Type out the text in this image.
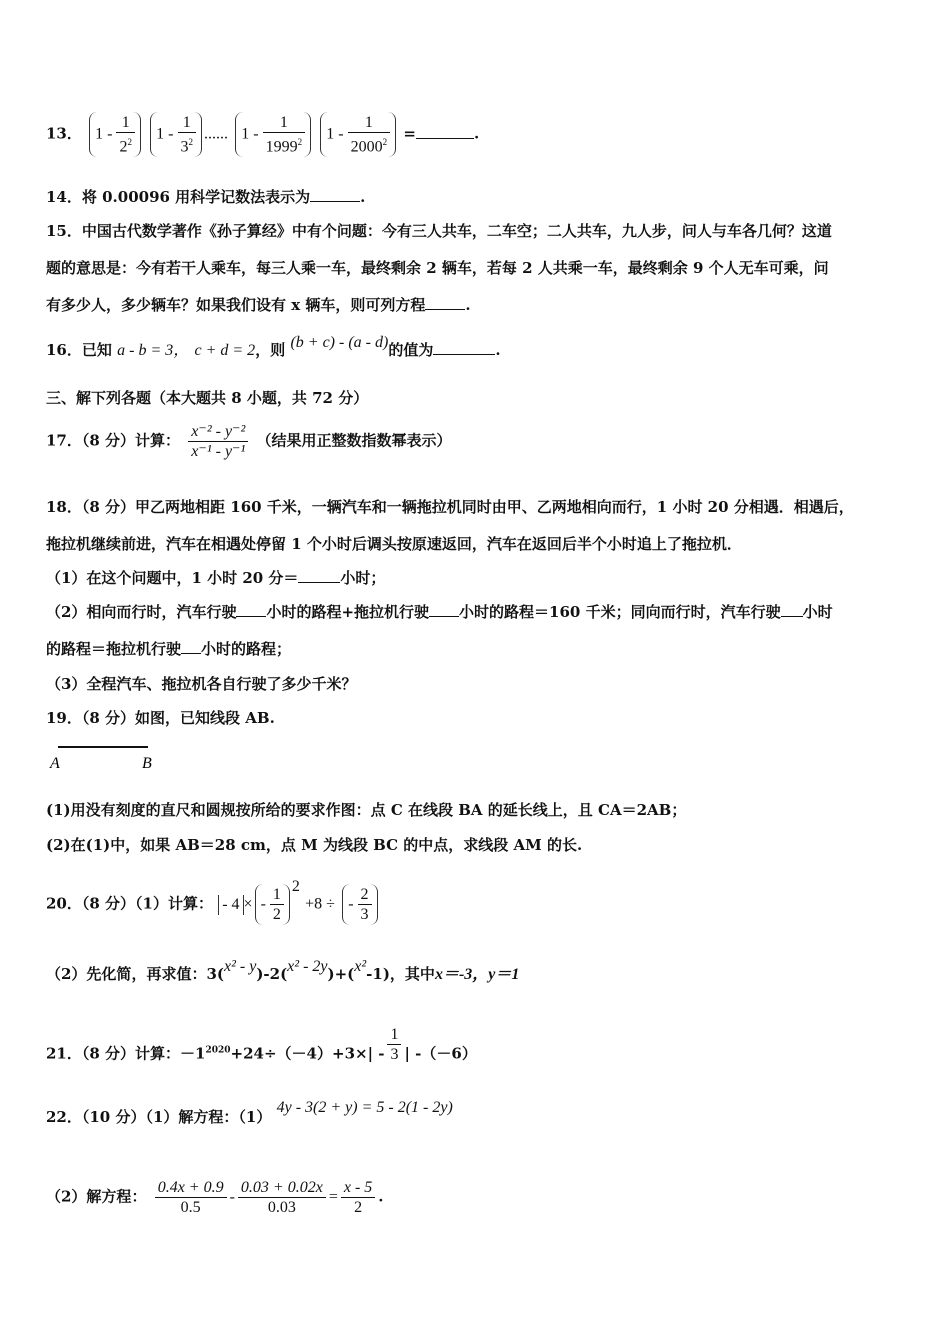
13． $1 - \frac{1}{2^2} 1 - \frac{1}{3^2}$ ...... $1 - \frac{1}{1999^2} 1 - \frac{1}{2000^2}$ =	.
14．将 0.00096 用科学记数法表示为	.
15．中国古代数学著作《孙子算经》中有个问题：今有三人共车，二车空；二人共车，九人步，问人与车各几何？这道
题的意思是：今有若干人乘车，每三人乘一车，最终剩余 2 辆车，若每 2 人共乘一车，最终剩余 9 个人无车可乘，问
有多少人，多少辆车？如果我们设有 x 辆车，则可列方程	.
16．已知 a - b = 3， c + d = 2，则 (b + c) - (a - d)的值为	.
三、解下列各题（本大题共 8 小题，共 72 分）
17．（8 分）计算： $\frac{\text{x⁻² - y⁻²}}{\text{x⁻¹ - y⁻¹}}$ （结果用正整数指数幂表示）
18．（8 分）甲乙两地相距 160 千米，一辆汽车和一辆拖拉机同时由甲、乙两地相向而行，1 小时 20 分相遇．相遇后，
拖拉机继续前进，汽车在相遇处停留 1 个小时后调头按原速返回，汽车在返回后半个小时追上了拖拉机．
（1）在这个问题中，1 小时 20 分＝	小时；
（2）相向而行时，汽车行驶 小时的路程+拖拉机行驶 小时的路程＝160 千米；同向而行时，汽车行驶 小时
的路程＝拖拉机行驶 小时的路程；
（3）全程汽车、拖拉机各自行驶了多少千米？
19．（8 分）如图，已知线段 AB.
A	B
(1)用没有刻度的直尺和圆规按所给的要求作图：点 C 在线段 BA 的延长线上，且 CA＝2AB；
(2)在(1)中，如果 AB＝28 cm，点 M 为线段 BC 的中点，求线段 AM 的长.
20．（8 分）（1）计算： - 4 × - $\frac{1}{2} ^2 +8$ ÷ - $\frac{2}{3}$
（2）先化简，再求值：3(x² - y)-2(x² - 2y)+(x²-1)，其中x＝-3，y＝1
21．（8 分）计算：$-1^{2020}+24\div(-4)+3\times| - \frac{1}{3}$ | -（－6）
22．（10 分）（1）解方程：（1） 4y - 3(2 + y) = 5 - 2(1 - 2y)
（2）解方程： $\frac{0.4x + 0.9}{0.5} - \frac{0.03 + 0.02x}{0.03} = \frac{x - 5}{2}$ .
